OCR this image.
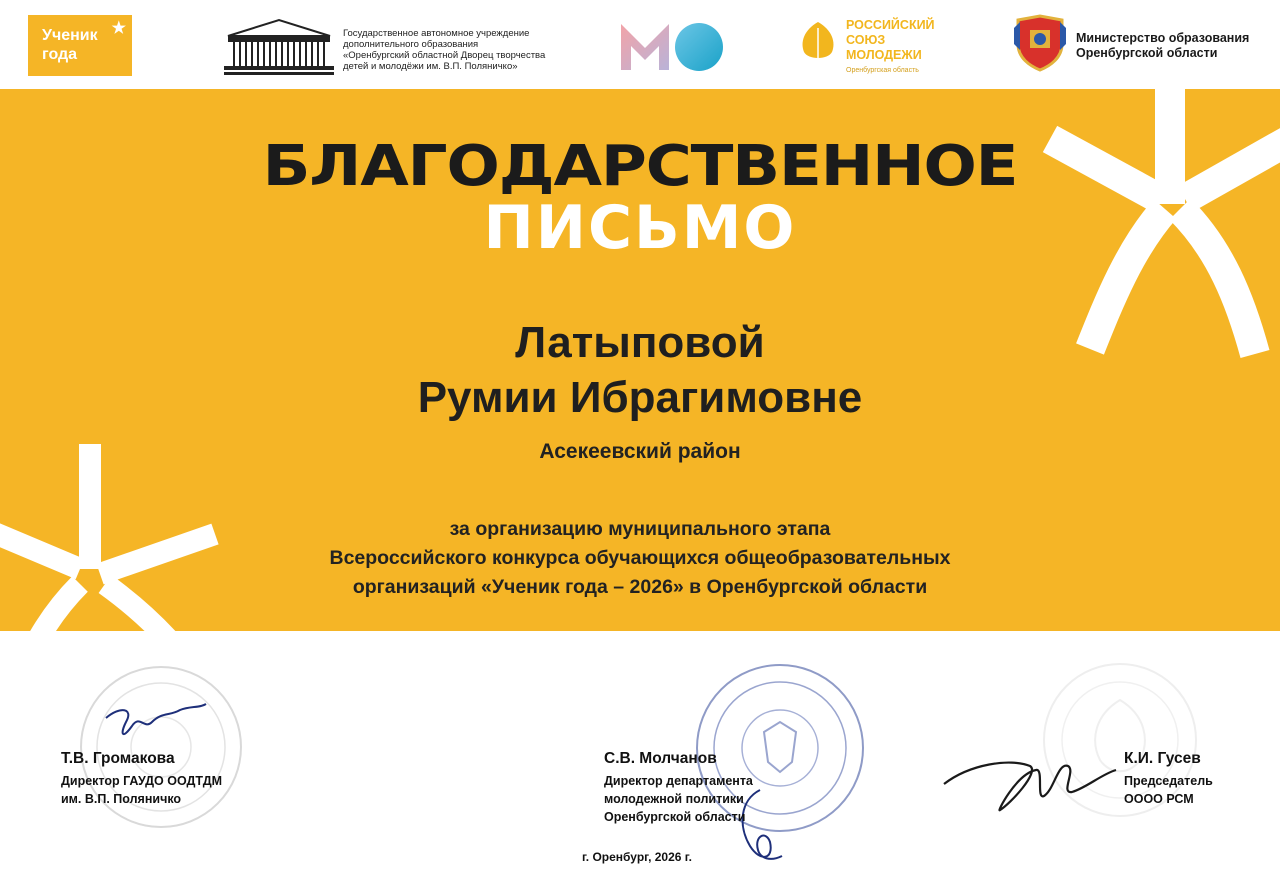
★
Ученик
года
Государственное автономное учреждение
дополнительного образования
«Оренбургский областной Дворец творчества
детей и молодёжи им. В.П. Поляничко»
РОССИЙСКИЙ
СОЮЗ
МОЛОДЕЖИ
Оренбургская область
Министерство образования
Оренбургской области
БЛАГОДАРСТВЕННОЕ
ПИСЬМО
Латыповой
Румии Ибрагимовне
Асекеевский район
за организацию муниципального этапа
Всероссийского конкурса обучающихся общеобразовательных
организаций «Ученик года – 2026» в Оренбургской области
Т.В. Громакова
Директор ГАУДО ООДТДМ
им. В.П. Поляничко
С.В. Молчанов
Директор департамента
молодежной политики
Оренбургской области
К.И. Гусев
Председатель
ОООО РСМ
г. Оренбург, 2026 г.
